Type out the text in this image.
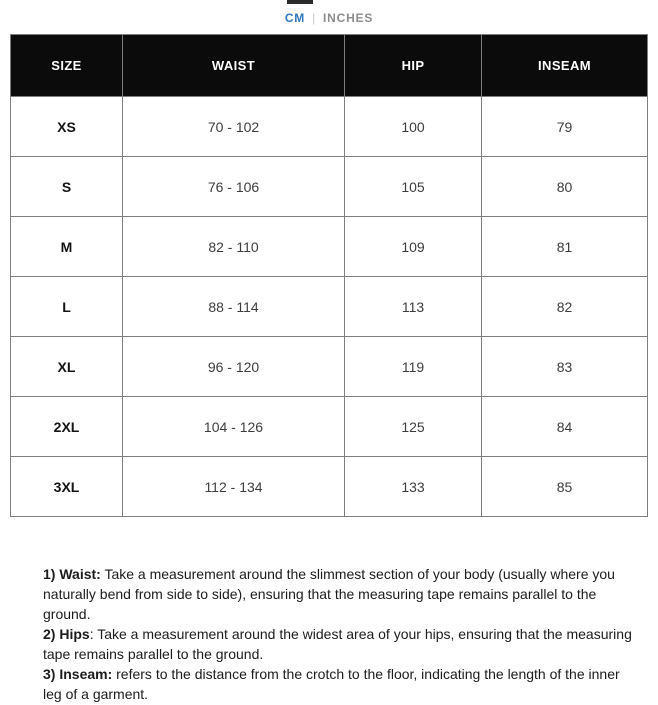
CM | INCHES
SIZE	WAIST	HIP	INSEAM
XS	70 - 102	100	79
S	76 - 106	105	80
M	82 - 110	109	81
L	88 - 114	113	82
XL	96 - 120	119	83
2XL	104 - 126	125	84
3XL	112 - 134	133	85

1) Waist: Take a measurement around the slimmest section of your body (usually where you naturally bend from side to side), ensuring that the measuring tape remains parallel to the ground.

2) Hips: Take a measurement around the widest area of your hips, ensuring that the measuring tape remains parallel to the ground.

3) Inseam: refers to the distance from the crotch to the floor, indicating the length of the inner leg of a garment.
